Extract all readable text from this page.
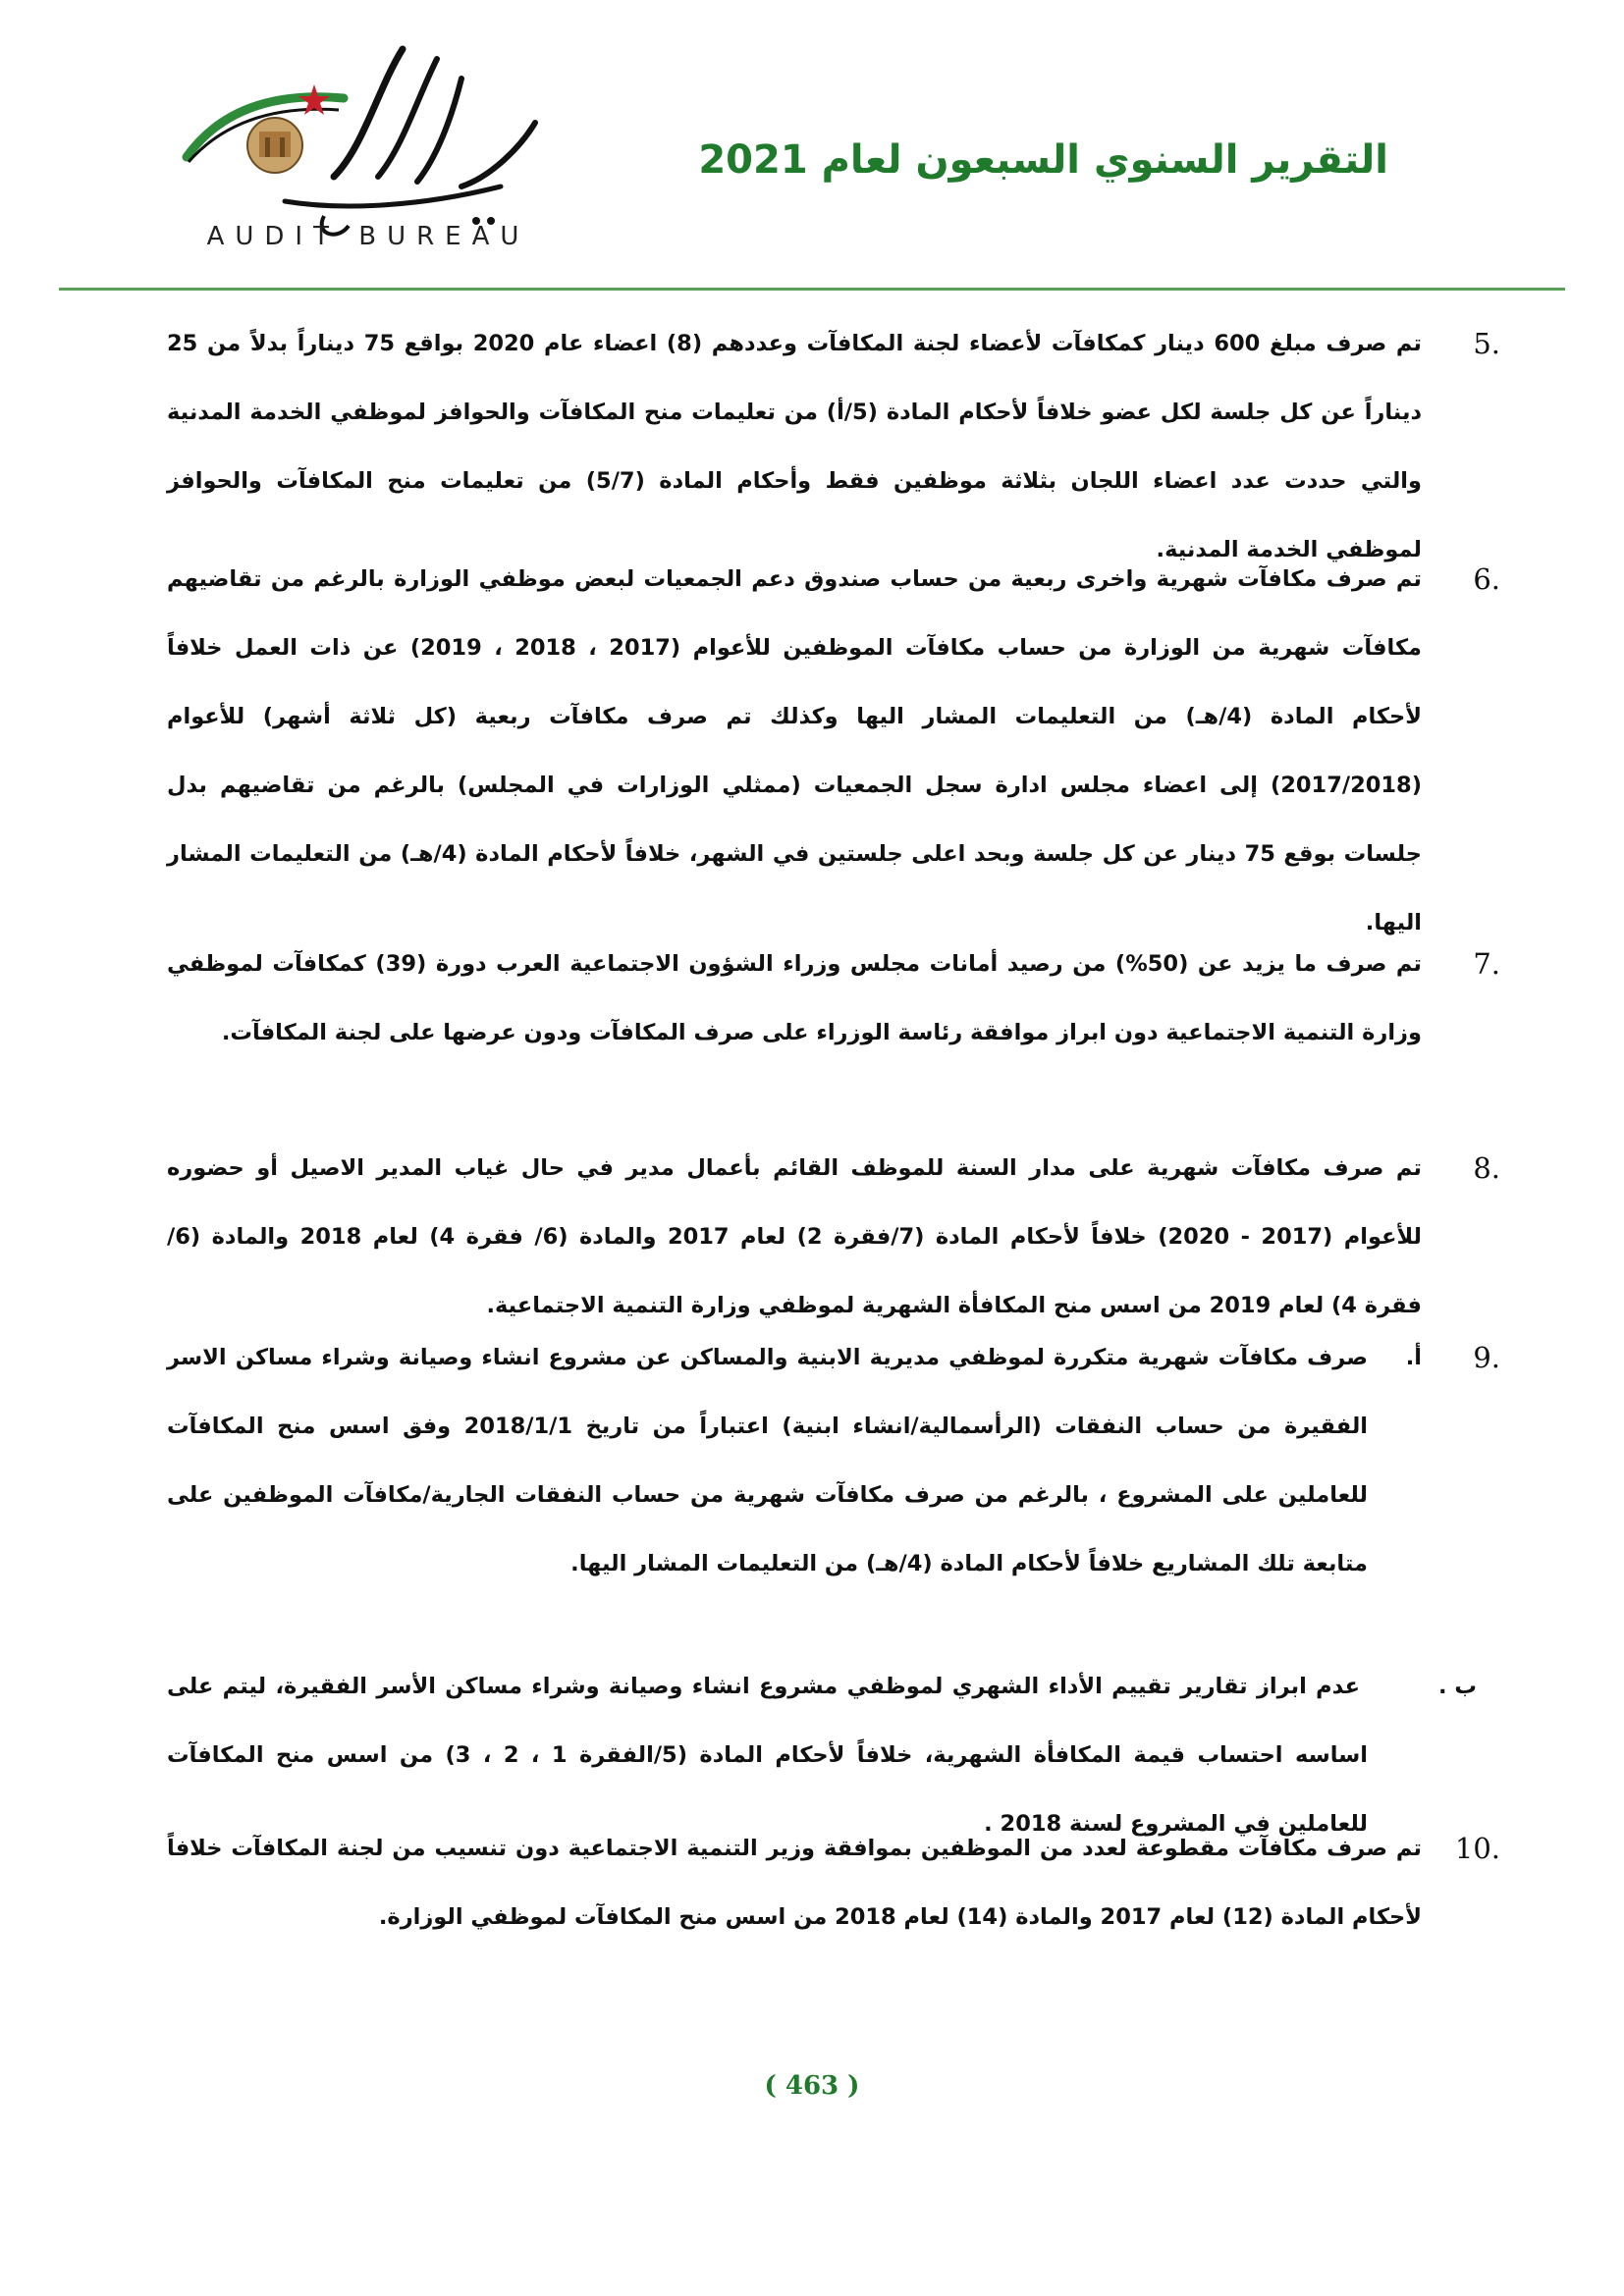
AUDIT BUREAU
التقرير السنوي السبعون لعام 2021
5.
تم صرف مبلغ 600 دينار كمكافآت لأعضاء لجنة المكافآت وعددهم (8) اعضاء عام 2020 بواقع 75 ديناراً بدلاً من 25 ديناراً عن كل جلسة لكل عضو خلافاً لأحكام المادة (5/أ) من تعليمات منح المكافآت والحوافز لموظفي الخدمة المدنية والتي حددت عدد اعضاء اللجان بثلاثة موظفين فقط وأحكام المادة (5/7) من تعليمات منح المكافآت والحوافز لموظفي الخدمة المدنية.
6.
تم صرف مكافآت شهرية واخرى ربعية من حساب صندوق دعم الجمعيات لبعض موظفي الوزارة بالرغم من تقاضيهم مكافآت شهرية من الوزارة من حساب مكافآت الموظفين للأعوام (2017 ، 2018 ، 2019) عن ذات العمل خلافاً لأحكام المادة (4/هـ) من التعليمات المشار اليها وكذلك تم صرف مكافآت ربعية (كل ثلاثة أشهر) للأعوام (2017/2018) إلى اعضاء مجلس ادارة سجل الجمعيات (ممثلي الوزارات في المجلس) بالرغم من تقاضيهم بدل جلسات بوقع 75 دينار عن كل جلسة وبحد اعلى جلستين في الشهر، خلافاً لأحكام المادة (4/هـ) من التعليمات المشار اليها.
7.
تم صرف ما يزيد عن (50%) من رصيد أمانات مجلس وزراء الشؤون الاجتماعية العرب دورة (39) كمكافآت لموظفي وزارة التنمية الاجتماعية دون ابراز موافقة رئاسة الوزراء على صرف المكافآت ودون عرضها على لجنة المكافآت.
8.
تم صرف مكافآت شهرية على مدار السنة للموظف القائم بأعمال مدير في حال غياب المدير الاصيل أو حضوره للأعوام (2017 - 2020) خلافاً لأحكام المادة (7/فقرة 2) لعام 2017 والمادة (6/ فقرة 4) لعام 2018 والمادة (6/ فقرة 4) لعام 2019 من اسس منح المكافأة الشهرية لموظفي وزارة التنمية الاجتماعية.
9.
أ.
صرف مكافآت شهرية متكررة لموظفي مديرية الابنية والمساكن عن مشروع انشاء وصيانة وشراء مساكن الاسر الفقيرة من حساب النفقات (الرأسمالية/انشاء ابنية) اعتباراً من تاريخ 2018/1/1 وفق اسس منح المكافآت للعاملين على المشروع ، بالرغم من صرف مكافآت شهرية من حساب النفقات الجارية/مكافآت الموظفين على متابعة تلك المشاريع خلافاً لأحكام المادة (4/هـ) من التعليمات المشار اليها.
ب .
عدم ابراز تقارير تقييم الأداء الشهري لموظفي مشروع انشاء وصيانة وشراء مساكن الأسر الفقيرة، ليتم على اساسه احتساب قيمة المكافأة الشهرية، خلافاً لأحكام المادة (5/الفقرة 1 ، 2 ، 3) من اسس منح المكافآت للعاملين في المشروع لسنة 2018 .
10.
تم صرف مكافآت مقطوعة لعدد من الموظفين بموافقة وزير التنمية الاجتماعية دون تنسيب من لجنة المكافآت خلافاً لأحكام المادة (12) لعام 2017 والمادة (14) لعام 2018 من اسس منح المكافآت لموظفي الوزارة.
( 463 )
